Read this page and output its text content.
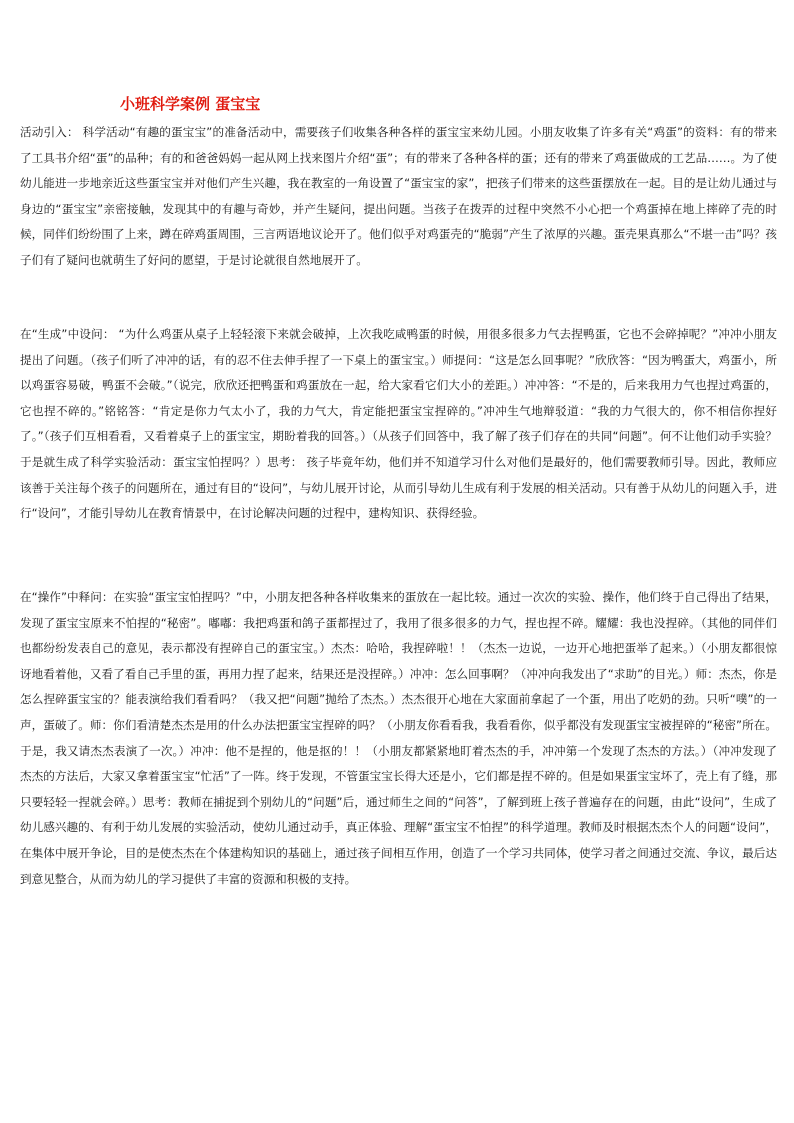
小班科学案例 蛋宝宝
活动引入： 科学活动“有趣的蛋宝宝”的准备活动中，需要孩子们收集各种各样的蛋宝宝来幼儿园。小朋友收集了许多有关“鸡蛋”的资料：有的带来了工具书介绍“蛋”的品种；有的和爸爸妈妈一起从网上找来图片介绍“蛋”；有的带来了各种各样的蛋；还有的带来了鸡蛋做成的工艺品……。为了使幼儿能进一步地亲近这些蛋宝宝并对他们产生兴趣，我在教室的一角设置了“蛋宝宝的家”，把孩子们带来的这些蛋摆放在一起。目的是让幼儿通过与身边的“蛋宝宝”亲密接触，发现其中的有趣与奇妙，并产生疑问，提出问题。当孩子在拨弄的过程中突然不小心把一个鸡蛋掉在地上摔碎了壳的时候，同伴们纷纷围了上来，蹲在碎鸡蛋周围，三言两语地议论开了。他们似乎对鸡蛋壳的“脆弱”产生了浓厚的兴趣。蛋壳果真那么“不堪一击”吗？孩子们有了疑问也就萌生了好问的愿望，于是讨论就很自然地展开了。
在“生成”中设问： “为什么鸡蛋从桌子上轻轻滚下来就会破掉，上次我吃咸鸭蛋的时候，用很多很多力气去捏鸭蛋，它也不会碎掉呢？”冲冲小朋友提出了问题。（孩子们听了冲冲的话，有的忍不住去伸手捏了一下桌上的蛋宝宝。）师提问：“这是怎么回事呢？”欣欣答：“因为鸭蛋大，鸡蛋小，所以鸡蛋容易破，鸭蛋不会破。”（说完，欣欣还把鸭蛋和鸡蛋放在一起，给大家看它们大小的差距。）冲冲答：“不是的，后来我用力气也捏过鸡蛋的，它也捏不碎的。”铭铭答：“肯定是你力气太小了，我的力气大，肯定能把蛋宝宝捏碎的。”冲冲生气地辩驳道：“我的力气很大的，你不相信你捏好了。”（孩子们互相看看，又看着桌子上的蛋宝宝，期盼着我的回答。）（从孩子们回答中，我了解了孩子们存在的共同“问题”。何不让他们动手实验？于是就生成了科学实验活动：蛋宝宝怕捏吗？）思考： 孩子毕竟年幼，他们并不知道学习什么对他们是最好的，他们需要教师引导。因此，教师应该善于关注每个孩子的问题所在，通过有目的“设问”，与幼儿展开讨论，从而引导幼儿生成有利于发展的相关活动。只有善于从幼儿的问题入手，进行“设问”，才能引导幼儿在教育情景中，在讨论解决问题的过程中，建构知识、获得经验。
在“操作”中释问：在实验“蛋宝宝怕捏吗？”中，小朋友把各种各样收集来的蛋放在一起比较。通过一次次的实验、操作，他们终于自己得出了结果，发现了蛋宝宝原来不怕捏的“秘密”。嘟嘟：我把鸡蛋和鸽子蛋都捏过了，我用了很多很多的力气，捏也捏不碎。耀耀：我也没捏碎。（其他的同伴们也都纷纷发表自己的意见，表示都没有捏碎自己的蛋宝宝。）杰杰：哈哈，我捏碎啦！！（杰杰一边说，一边开心地把蛋举了起来。）（小朋友都很惊讶地看着他，又看了看自己手里的蛋，再用力捏了起来，结果还是没捏碎。）冲冲：怎么回事啊？（冲冲向我发出了“求助”的目光。）师：杰杰，你是怎么捏碎蛋宝宝的？能表演给我们看看吗？（我又把“问题”抛给了杰杰。）杰杰很开心地在大家面前拿起了一个蛋，用出了吃奶的劲。只听“噗”的一声，蛋破了。师：你们看清楚杰杰是用的什么办法把蛋宝宝捏碎的吗？（小朋友你看看我，我看看你，似乎都没有发现蛋宝宝被捏碎的“秘密”所在。于是，我又请杰杰表演了一次。）冲冲：他不是捏的，他是抠的！！（小朋友都紧紧地盯着杰杰的手，冲冲第一个发现了杰杰的方法。）（冲冲发现了杰杰的方法后，大家又拿着蛋宝宝“忙活”了一阵。终于发现，不管蛋宝宝长得大还是小，它们都是捏不碎的。但是如果蛋宝宝坏了，壳上有了缝，那只要轻轻一捏就会碎。）思考：教师在捕捉到个别幼儿的“问题”后，通过师生之间的“问答”，了解到班上孩子普遍存在的问题，由此“设问”，生成了幼儿感兴趣的、有利于幼儿发展的实验活动，使幼儿通过动手，真正体验、理解“蛋宝宝不怕捏”的科学道理。教师及时根据杰杰个人的问题“设问”，在集体中展开争论，目的是使杰杰在个体建构知识的基础上，通过孩子间相互作用，创造了一个学习共同体，使学习者之间通过交流、争议，最后达到意见整合，从而为幼儿的学习提供了丰富的资源和积极的支持。
